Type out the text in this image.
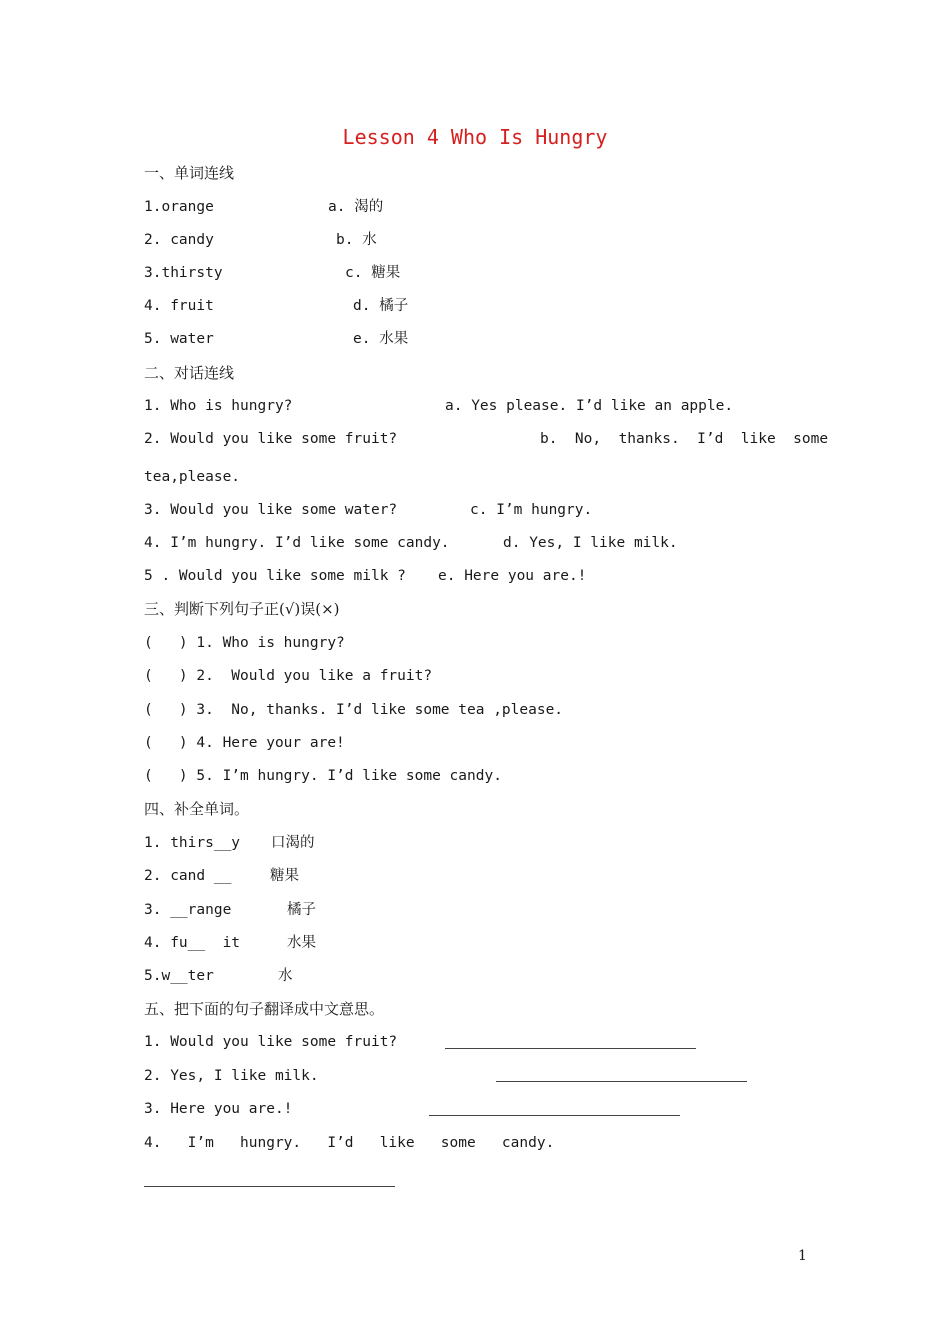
Lesson 4 Who Is Hungry
一、单词连线
1.orange	a. 渴的
2. candy	b. 水
3.thirsty	c. 糖果
4. fruit	d. 橘子
5. water	e. 水果
二、对话连线
1. Who is hungry?	a. Yes please. I’d like an apple.
2. Would you like some fruit?	b.  No,  thanks.  I’d  like  some
tea,please.
3. Would you like some water?	c. I’m hungry.
4. I’m hungry. I’d like some candy.	d. Yes, I like milk.
5 . Would you like some milk ? e. Here you are.!
三、判断下列句子正(√)误(×)
(   ) 1. Who is hungry?
(   ) 2.  Would you like a fruit?
(   ) 3.  No, thanks. I’d like some tea ,please.
(   ) 4. Here your are!
(   ) 5. I’m hungry. I’d like some candy.
四、补全单词。
1. thirs__y 口渴的
2. cand __	糖果
3. __range	橘子
4. fu__  it	水果
5.w__ter	水
五、把下面的句子翻译成中文意思。
1. Would you like some fruit?
2. Yes, I like milk.
3. Here you are.!
4.   I’m   hungry.   I’d   like   some   candy.
1
